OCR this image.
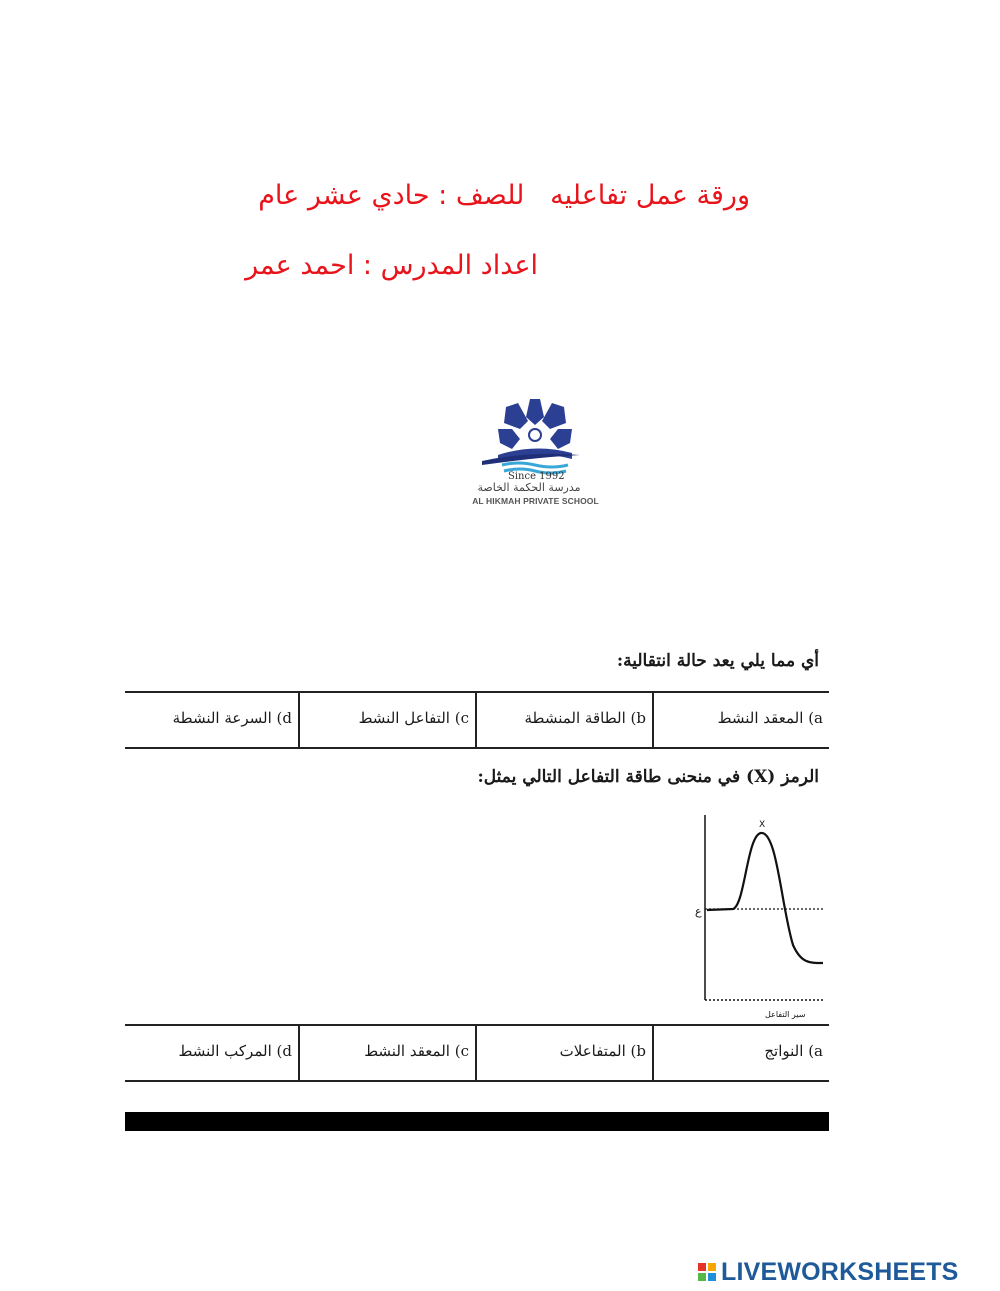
ورقة عمل تفاعليه   للصف : حادي عشر عام
اعداد المدرس : احمد عمر
Since 1992
مدرسة الحكمة الخاصة
AL HIKMAH PRIVATE SCHOOL
أي مما يلي يعد حالة انتقالية:
a) المعقد النشط
b) الطاقة المنشطة
c) التفاعل النشط
d) السرعة النشطة
الرمز (X) في منحنى طاقة التفاعل التالي يمثل:
X
ع
سير التفاعل
a) النواتج
b) المتفاعلات
c) المعقد النشط
d) المركب النشط
LIVEWORKSHEETS
